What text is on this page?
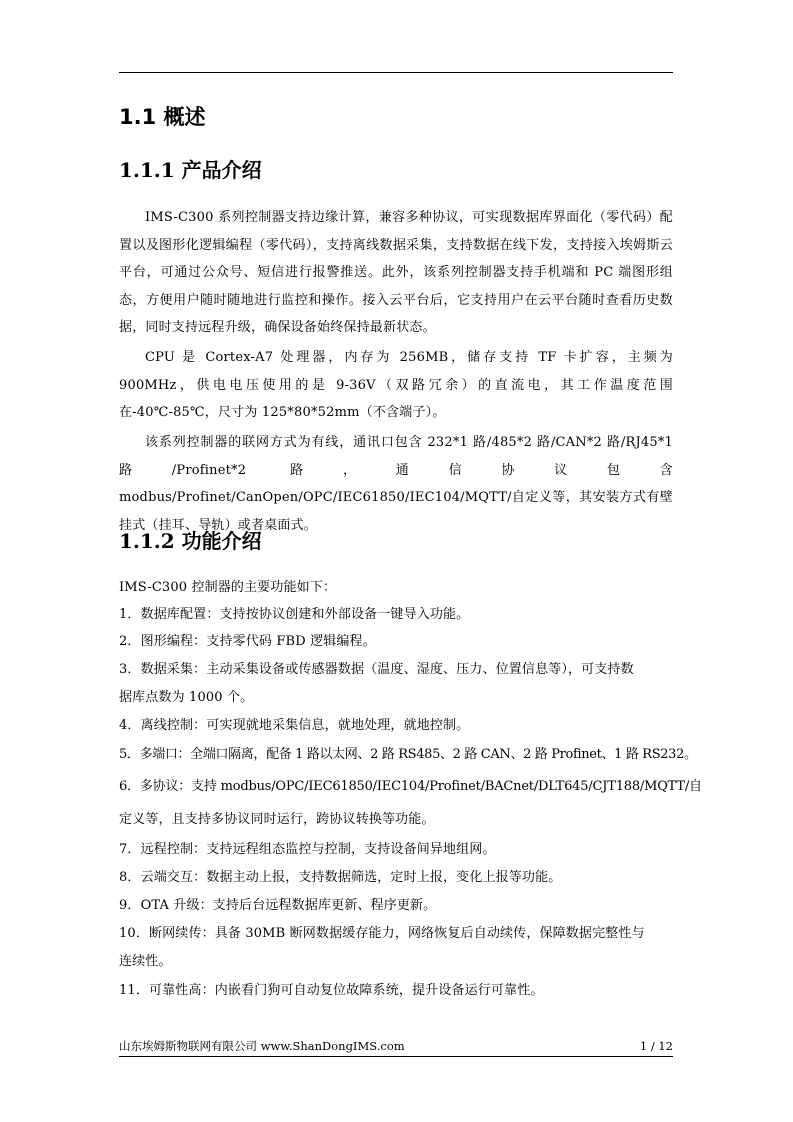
1.1 概述
1.1.1 产品介绍

IMS-C300 系列控制器支持边缘计算，兼容多种协议，可实现数据库界面化（零代码）配置以及图形化逻辑编程（零代码），支持离线数据采集，支持数据在线下发，支持接入埃姆斯云平台，可通过公众号、短信进行报警推送。此外，该系列控制器支持手机端和 PC 端图形组态，方便用户随时随地进行监控和操作。接入云平台后，它支持用户在云平台随时查看历史数据，同时支持远程升级，确保设备始终保持最新状态。

CPU 是 Cortex-A7 处理器，内存为 256MB，储存支持 TF 卡扩容，主频为 900MHz，供电电压使用的是 9-36V（双路冗余）的直流电，其工作温度范围在-40℃-85℃，尺寸为 125*80*52mm（不含端子）。

该系列控制器的联网方式为有线，通讯口包含 232*1 路/485*2 路/CAN*2 路/RJ45*1 路/Profinet*2 路，通信协议包含 modbus/Profinet/CanOpen/OPC/IEC61850/IEC104/MQTT/自定义等，其安装方式有壁挂式（挂耳、导轨）或者桌面式。

1.1.2 功能介绍

IMS-C300 控制器的主要功能如下：

1．数据库配置：支持按协议创建和外部设备一键导入功能。

2．图形编程：支持零代码 FBD 逻辑编程。

3．数据采集：主动采集设备或传感器数据（温度、湿度、压力、位置信息等），可支持数

据库点数为 1000 个。

4．离线控制：可实现就地采集信息，就地处理，就地控制。

5．多端口：全端口隔离，配备 1 路以太网、2 路 RS485、2 路 CAN、2 路 Profinet、1 路 RS232。

6．多协议：支持 modbus/OPC/IEC61850/IEC104/Profinet/BACnet/DLT645/CJT188/MQTT/自

定义等，且支持多协议同时运行，跨协议转换等功能。

7．远程控制：支持远程组态监控与控制，支持设备间异地组网。

8．云端交互：数据主动上报，支持数据筛选，定时上报，变化上报等功能。

9．OTA 升级：支持后台远程数据库更新、程序更新。

10．断网续传：具备 30MB 断网数据缓存能力，网络恢复后自动续传，保障数据完整性与

连续性。

11．可靠性高：内嵌看门狗可自动复位故障系统，提升设备运行可靠性。

山东埃姆斯物联网有限公司 www.ShanDongIMS.com	1 / 12
